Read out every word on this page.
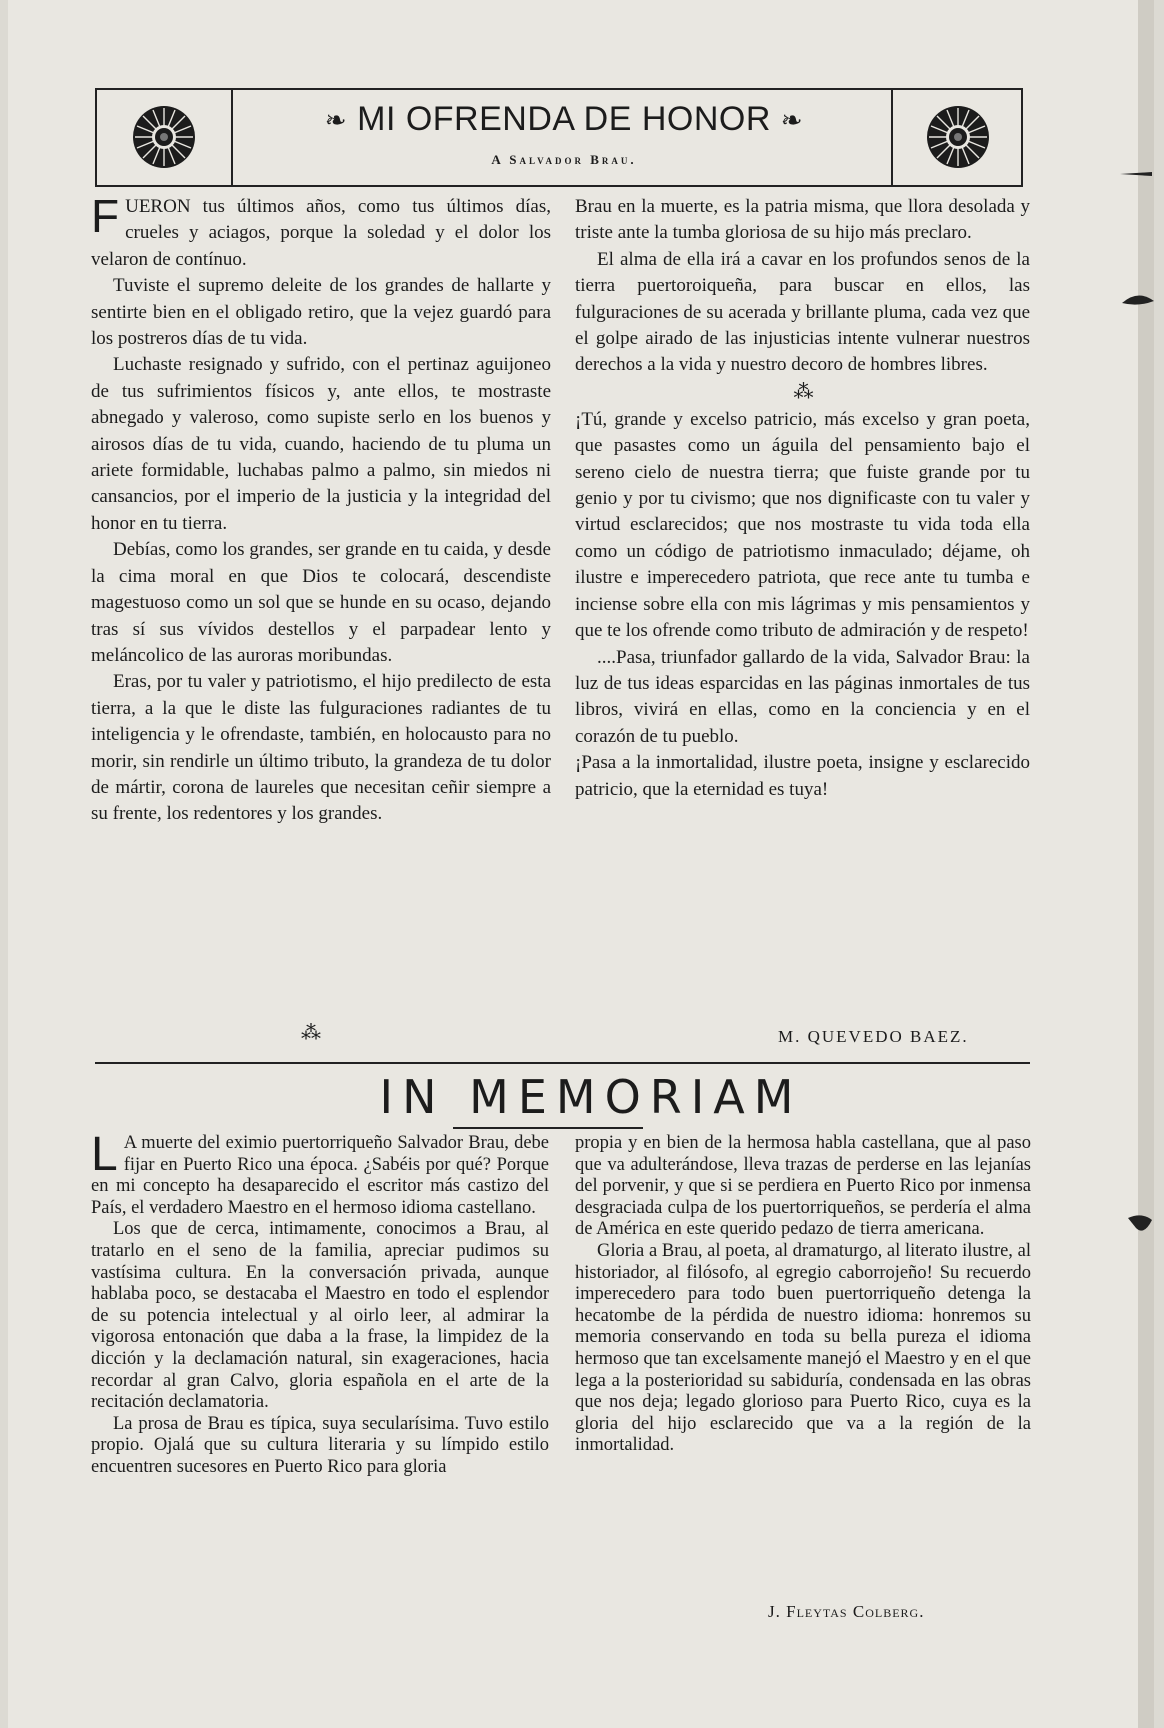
❧ MI OFRENDA DE HONOR ❧
A Salvador Brau.

FUERON tus últimos años, como tus últimos días, crueles y aciagos, porque la soledad y el dolor los velaron de contínuo.

Tuviste el supremo deleite de los grandes de hallarte y sentirte bien en el obligado retiro, que la vejez guardó para los postreros días de tu vida.

Luchaste resignado y sufrido, con el pertinaz aguijoneo de tus sufrimientos físicos y, ante ellos, te mostraste abnegado y valeroso, como supiste serlo en los buenos y airosos días de tu vida, cuando, haciendo de tu pluma un ariete formidable, luchabas palmo a palmo, sin miedos ni cansancios, por el imperio de la justicia y la integridad del honor en tu tierra.

Debías, como los grandes, ser grande en tu caida, y desde la cima moral en que Dios te colocará, descendiste magestuoso como un sol que se hunde en su ocaso, dejando tras sí sus vívidos destellos y el parpadear lento y meláncolico de las auroras moribundas.

Eras, por tu valer y patriotismo, el hijo predilecto de esta tierra, a la que le diste las fulguraciones radiantes de tu inteligencia y le ofrendaste, también, en holocausto para no morir, sin rendirle un último tributo, la grandeza de tu dolor de mártir, corona de laureles que necesitan ceñir siempre a su frente, los redentores y los grandes.

⁂

Brau en la muerte, es la patria misma, que llora desolada y triste ante la tumba gloriosa de su hijo más preclaro.

El alma de ella irá a cavar en los profundos senos de la tierra puertoroiqueña, para buscar en ellos, las fulguraciones de su acerada y brillante pluma, cada vez que el golpe airado de las injusticias intente vulnerar nuestros derechos a la vida y nuestro decoro de hombres libres.

⁂

¡Tú, grande y excelso patricio, más excelso y gran poeta, que pasastes como un águila del pensamiento bajo el sereno cielo de nuestra tierra; que fuiste grande por tu genio y por tu civismo; que nos dignificaste con tu valer y virtud esclarecidos; que nos mostraste tu vida toda ella como un código de patriotismo inmaculado; déjame, oh ilustre e imperecedero patriota, que rece ante tu tumba e inciense sobre ella con mis lágrimas y mis pensamientos y que te los ofrende como tributo de admiración y de respeto!

....Pasa, triunfador gallardo de la vida, Salvador Brau: la luz de tus ideas esparcidas en las páginas inmortales de tus libros, vivirá en ellas, como en la conciencia y en el corazón de tu pueblo.

¡Pasa a la inmortalidad, ilustre poeta, insigne y esclarecido patricio, que la eternidad es tuya!

M. QUEVEDO BAEZ.
IN MEMORIAM

L A muerte del eximio puertorriqueño Salvador Brau, debe fijar en Puerto Rico una época. ¿Sabéis por qué? Porque en mi concepto ha desaparecido el escritor más castizo del País, el verdadero Maestro en el hermoso idioma castellano.

Los que de cerca, intimamente, conocimos a Brau, al tratarlo en el seno de la familia, apreciar pudimos su vastísima cultura. En la conversación privada, aunque hablaba poco, se destacaba el Maestro en todo el esplendor de su potencia intelectual y al oirlo leer, al admirar la vigorosa entonación que daba a la frase, la limpidez de la dicción y la declamación natural, sin exageraciones, hacia recordar al gran Calvo, gloria española en el arte de la recitación declamatoria.

La prosa de Brau es típica, suya secularísima. Tuvo estilo propio. Ojalá que su cultura literaria y su límpido estilo encuentren sucesores en Puerto Rico para gloria

propia y en bien de la hermosa habla castellana, que al paso que va adulterándose, lleva trazas de perderse en las lejanías del porvenir, y que si se perdiera en Puerto Rico por inmensa desgraciada culpa de los puertorriqueños, se perdería el alma de América en este querido pedazo de tierra americana.

Gloria a Brau, al poeta, al dramaturgo, al literato ilustre, al historiador, al filósofo, al egregio caborrojeño! Su recuerdo imperecedero para todo buen puertorriqueño detenga la hecatombe de la pérdida de nuestro idioma: honremos su memoria conservando en toda su bella pureza el idioma hermoso que tan excelsamente manejó el Maestro y en el que lega a la posterioridad su sabiduría, condensada en las obras que nos deja; legado glorioso para Puerto Rico, cuya es la gloria del hijo esclarecido que va a la región de la inmortalidad.

J. Fleytas Colberg.
